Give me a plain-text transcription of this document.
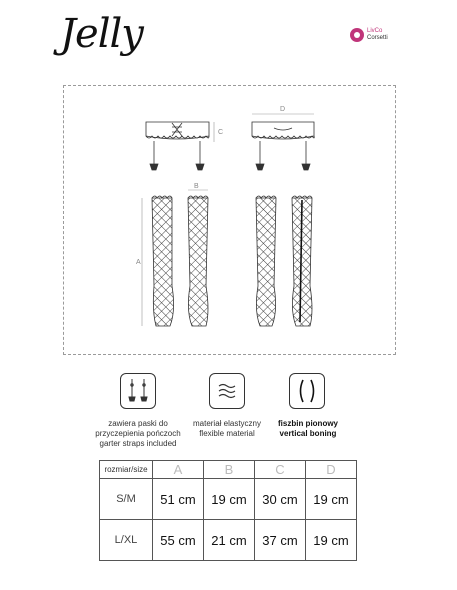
Jelly	LivCo
Corsetti
C
D
A
B
zawiera paski do
przyczepienia pończoch
garter straps included
materiał elastyczny
flexible material
fiszbin pionowy
vertical boning
rozmiar/size	A	B	C	D
S/M	51 cm	19 cm	30 cm	19 cm
L/XL	55 cm	21 cm	37 cm	19 cm
